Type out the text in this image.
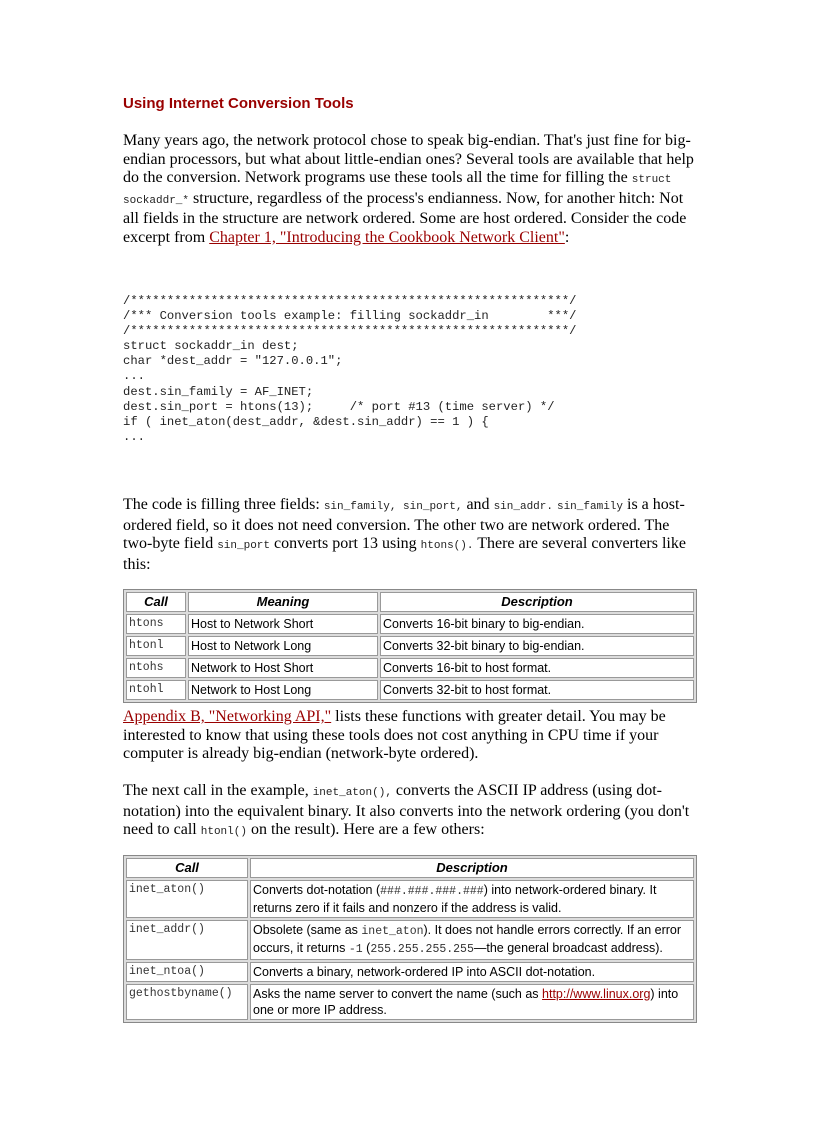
Using Internet Conversion Tools
Many years ago, the network protocol chose to speak big-endian. That's just fine for big-endian processors, but what about little-endian ones? Several tools are available that help do the conversion. Network programs use these tools all the time for filling the struct sockaddr_* structure, regardless of the process's endianness. Now, for another hitch: Not all fields in the structure are network ordered. Some are host ordered. Consider the code excerpt from Chapter 1, "Introducing the Cookbook Network Client":
/************************************************************/
/*** Conversion tools example: filling sockaddr_in        ***/
/************************************************************/
struct sockaddr_in dest;
char *dest_addr = "127.0.0.1";
...
dest.sin_family = AF_INET;
dest.sin_port = htons(13);     /* port #13 (time server) */
if ( inet_aton(dest_addr, &dest.sin_addr) == 1 ) {
...
The code is filling three fields: sin_family, sin_port, and sin_addr. sin_family is a host-ordered field, so it does not need conversion. The other two are network ordered. The two-byte field sin_port converts port 13 using htons(). There are several converters like this:
Call	Meaning	Description
htons	Host to Network Short	Converts 16-bit binary to big-endian.
htonl	Host to Network Long	Converts 32-bit binary to big-endian.
ntohs	Network to Host Short	Converts 16-bit to host format.
ntohl	Network to Host Long	Converts 32-bit to host format.
Appendix B, "Networking API," lists these functions with greater detail. You may be interested to know that using these tools does not cost anything in CPU time if your computer is already big-endian (network-byte ordered).
The next call in the example, inet_aton(), converts the ASCII IP address (using dot-notation) into the equivalent binary. It also converts into the network ordering (you don't need to call htonl() on the result). Here are a few others:
Call	Description
inet_aton()	Converts dot-notation (###.###.###.###) into network-ordered binary. It returns zero if it fails and nonzero if the address is valid.
inet_addr()	Obsolete (same as inet_aton). It does not handle errors correctly. If an error occurs, it returns -1 (255.255.255.255—the general broadcast address).
inet_ntoa()	Converts a binary, network-ordered IP into ASCII dot-notation.
gethostbyname()	Asks the name server to convert the name (such as http://www.linux.org) into one or more IP address.
